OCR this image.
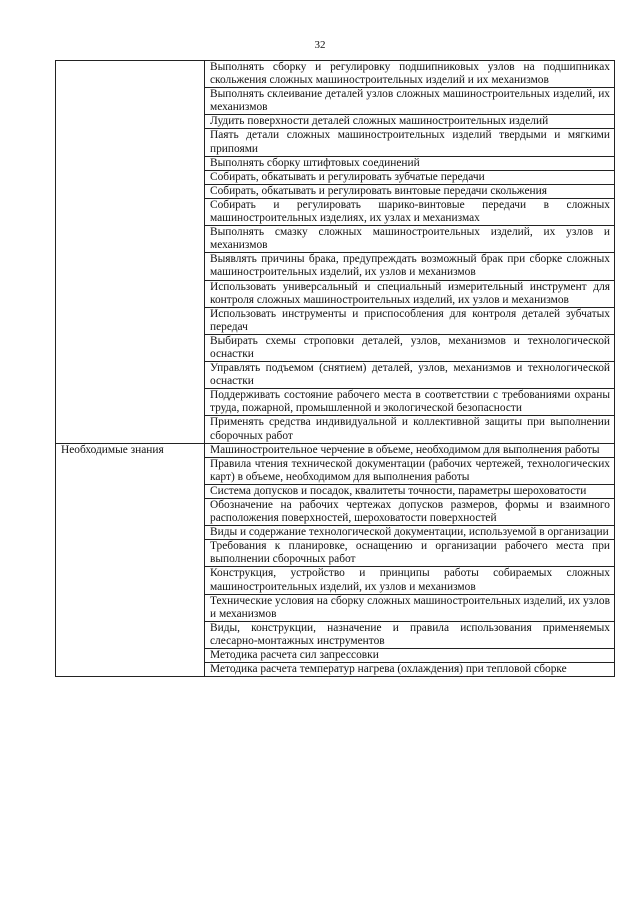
32

	Выполнять сборку и регулировку подшипниковых узлов на подшипниках скольжения сложных машиностроительных изделий и их механизмов

	Выполнять склеивание деталей узлов сложных машиностроительных изделий, их механизмов

	Лудить поверхности деталей сложных машиностроительных изделий

	Паять детали сложных машиностроительных изделий твердыми и мягкими припоями

	Выполнять сборку штифтовых соединений

	Собирать, обкатывать и регулировать зубчатые передачи

	Собирать, обкатывать и регулировать винтовые передачи скольжения

	Собирать и регулировать шарико-винтовые передачи в сложных машиностроительных изделиях, их узлах и механизмах

	Выполнять смазку сложных машиностроительных изделий, их узлов и механизмов

	Выявлять причины брака, предупреждать возможный брак при сборке сложных машиностроительных изделий, их узлов и механизмов

	Использовать универсальный и специальный измерительный инструмент для контроля сложных машиностроительных изделий, их узлов и механизмов

	Использовать инструменты и приспособления для контроля деталей зубчатых передач

	Выбирать схемы строповки деталей, узлов, механизмов и технологической оснастки

	Управлять подъемом (снятием) деталей, узлов, механизмов и технологической оснастки

	Поддерживать состояние рабочего места в соответствии с требованиями охраны труда, пожарной, промышленной и экологической безопасности

	Применять средства индивидуальной и коллективной защиты при выполнении сборочных работ

Необходимые знания	Машиностроительное черчение в объеме, необходимом для выполнения работы

	Правила чтения технической документации (рабочих чертежей, технологических карт) в объеме, необходимом для выполнения работы

	Система допусков и посадок, квалитеты точности, параметры шероховатости

	Обозначение на рабочих чертежах допусков размеров, формы и взаимного расположения поверхностей, шероховатости поверхностей

	Виды и содержание технологической документации, используемой в организации

	Требования к планировке, оснащению и организации рабочего места при выполнении сборочных работ

	Конструкция, устройство и принципы работы собираемых сложных машиностроительных изделий, их узлов и механизмов

	Технические условия на сборку сложных машиностроительных изделий, их узлов и механизмов

	Виды, конструкции, назначение и правила использования применяемых слесарно-монтажных инструментов

	Методика расчета сил запрессовки

	Методика расчета температур нагрева (охлаждения) при тепловой сборке
